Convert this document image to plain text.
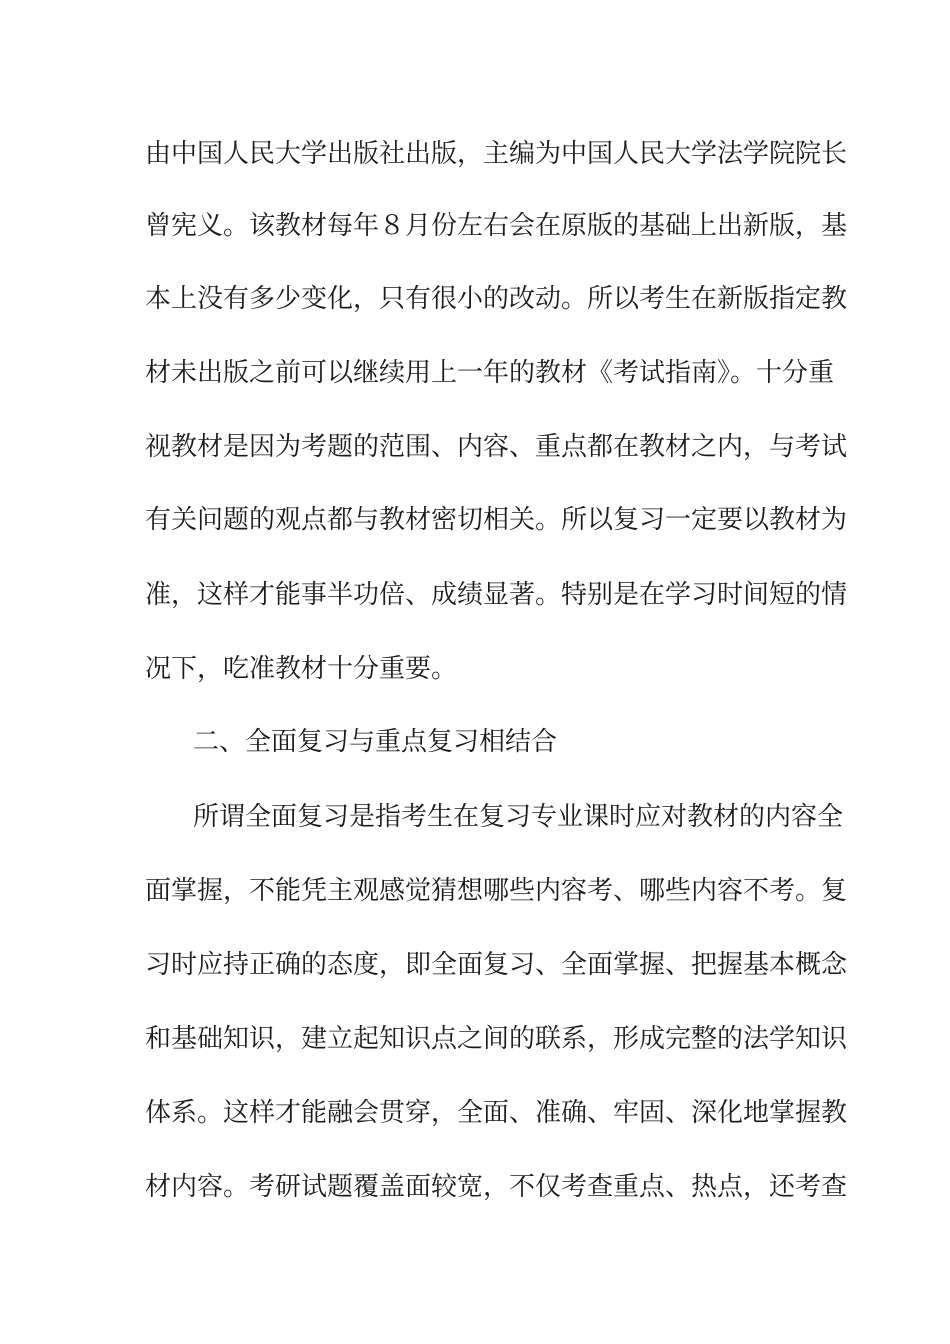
由中国人民大学出版社出版，主编为中国人民大学法学院院长
曾宪义。该教材每年８月份左右会在原版的基础上出新版，基
本上没有多少变化，只有很小的改动。所以考生在新版指定教
材未出版之前可以继续用上一年的教材《考试指南》。十分重
视教材是因为考题的范围、内容、重点都在教材之内，与考试
有关问题的观点都与教材密切相关。所以复习一定要以教材为
准，这样才能事半功倍、成绩显著。特别是在学习时间短的情
况下，吃准教材十分重要。
二、全面复习与重点复习相结合
所谓全面复习是指考生在复习专业课时应对教材的内容全
面掌握，不能凭主观感觉猜想哪些内容考、哪些内容不考。复
习时应持正确的态度，即全面复习、全面掌握、把握基本概念
和基础知识，建立起知识点之间的联系，形成完整的法学知识
体系。这样才能融会贯穿，全面、准确、牢固、深化地掌握教
材内容。考研试题覆盖面较宽，不仅考查重点、热点，还考查
